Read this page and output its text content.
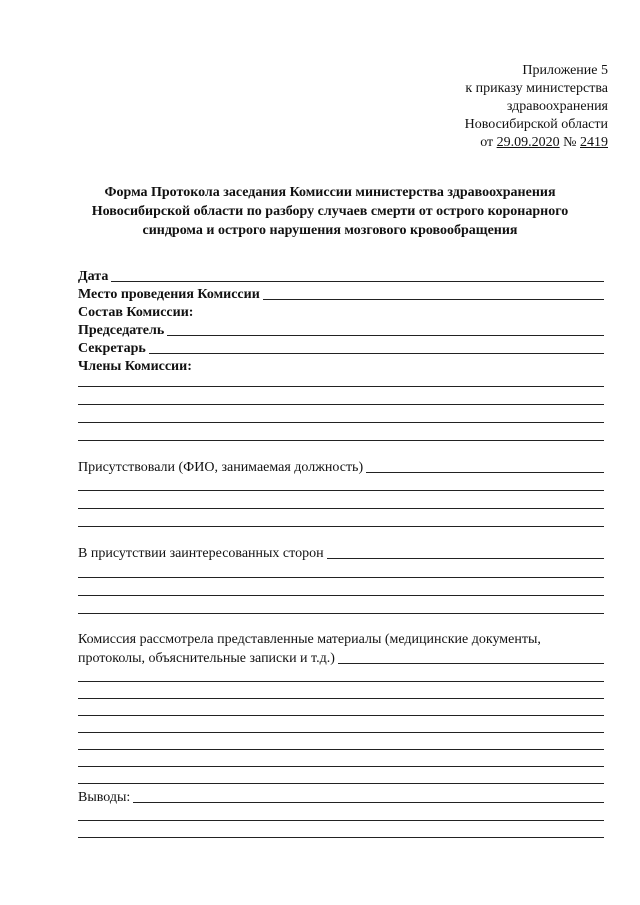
Приложение 5
к приказу министерства
здравоохранения
Новосибирской области
от 29.09.2020 № 2419
Форма Протокола заседания Комиссии министерства здравоохранения
Новосибирской области по разбору случаев смерти от острого коронарного
синдрома и острого нарушения мозгового кровообращения
Дата
Место проведения Комиссии
Состав Комиссии:
Председатель
Секретарь
Члены Комиссии:
Присутствовали (ФИО, занимаемая должность)
В присутствии заинтересованных сторон
Комиссия рассмотрела представленные материалы (медицинские документы,
протоколы, объяснительные записки и т.д.)
Выводы:
